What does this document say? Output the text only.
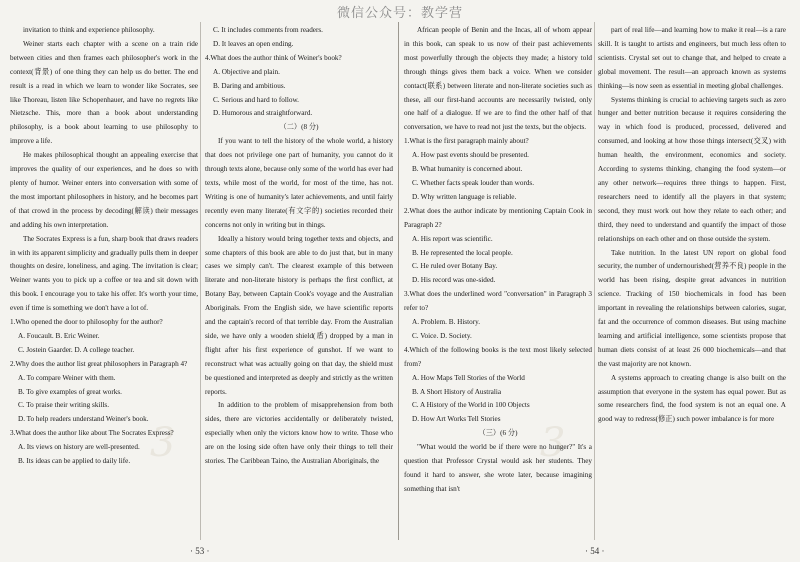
微信公众号：教学营
3	3

invitation to think and experience philosophy.

Weiner starts each chapter with a scene on a train ride between cities and then frames each philosopher's work in the context(背景) of one thing they can help us do better. The end result is a read in which we learn to wonder like Socrates, see like Thoreau, listen like Schopenhauer, and have no regrets like Nietzsche. This, more than a book about understanding philosophy, is a book about learning to use philosophy to improve a life.

He makes philosophical thought an appealing exercise that improves the quality of our experiences, and he does so with plenty of humor. Weiner enters into conversation with some of the most important philosophers in history, and he becomes part of that crowd in the process by decoding(解读) their messages and adding his own interpretation.

The Socrates Express is a fun, sharp book that draws readers in with its apparent simplicity and gradually pulls them in deeper thoughts on desire, loneliness, and aging. The invitation is clear; Weiner wants you to pick up a coffee or tea and sit down with this book. I encourage you to take his offer. It's worth your time, even if time is something we don't have a lot of.

1.Who opened the door to philosophy for the author?

A. Foucault. B. Eric Weiner.

C. Jostein Gaarder. D. A college teacher.

2.Why does the author list great philosophers in Paragraph 4?

A. To compare Weiner with them.

B. To give examples of great works.

C. To praise their writing skills.

D. To help readers understand Weiner's book.

3.What does the author like about The Socrates Express?

A. Its views on history are well-presented.

B. Its ideas can be applied to daily life.

C. It includes comments from readers.

D. It leaves an open ending.

4.What does the author think of Weiner's book?

A. Objective and plain.

B. Daring and ambitious.

C. Serious and hard to follow.

D. Humorous and straightforward.

（二）(8 分)

If you want to tell the history of the whole world, a history that does not privilege one part of humanity, you cannot do it through texts alone, because only some of the world has ever had texts, while most of the world, for most of the time, has not. Writing is one of humanity's later achievements, and until fairly recently even many literate(有文字的) societies recorded their concerns not only in writing but in things.

Ideally a history would bring together texts and objects, and some chapters of this book are able to do just that, but in many cases we simply can't. The clearest example of this between literate and non-literate history is perhaps the first conflict, at Botany Bay, between Captain Cook's voyage and the Australian Aboriginals. From the English side, we have scientific reports and the captain's record of that terrible day. From the Australian side, we have only a wooden shield(盾) dropped by a man in flight after his first experience of gunshot. If we want to reconstruct what was actually going on that day, the shield must be questioned and interpreted as deeply and strictly as the written reports.

In addition to the problem of misapprehension from both sides, there are victories accidentally or deliberately twisted, especially when only the victors know how to write. Those who are on the losing side often have only their things to tell their stories. The Caribbean Taino, the Australian Aboriginals, the

African people of Benin and the Incas, all of whom appear in this book, can speak to us now of their past achievements most powerfully through the objects they made; a history told through things gives them back a voice. When we consider contact(联系) between literate and non-literate societies such as these, all our first-hand accounts are necessarily twisted, only one half of a dialogue. If we are to find the other half of that conversation, we have to read not just the texts, but the objects.

1.What is the first paragraph mainly about?

A. How past events should be presented.

B. What humanity is concerned about.

C. Whether facts speak louder than words.

D. Why written language is reliable.

2.What does the author indicate by mentioning Captain Cook in Paragraph 2?

A. His report was scientific.

B. He represented the local people.

C. He ruled over Botany Bay.

D. His record was one-sided.

3.What does the underlined word "conversation" in Paragraph 3 refer to?

A. Problem. B. History.

C. Voice. D. Society.

4.Which of the following books is the text most likely selected from?

A. How Maps Tell Stories of the World

B. A Short History of Australia

C. A History of the World in 100 Objects

D. How Art Works Tell Stories

（三）(6 分)

"What would the world be if there were no hunger?" It's a question that Professor Crystal would ask her students. They found it hard to answer, she wrote later, because imagining something that isn't

part of real life—and learning how to make it real—is a rare skill. It is taught to artists and engineers, but much less often to scientists. Crystal set out to change that, and helped to create a global movement. The result—an approach known as systems thinking—is now seen as essential in meeting global challenges.

Systems thinking is crucial to achieving targets such as zero hunger and better nutrition because it requires considering the way in which food is produced, processed, delivered and consumed, and looking at how those things intersect(交叉) with human health, the environment, economics and society. According to systems thinking, changing the food system—or any other network—requires three things to happen. First, researchers need to identify all the players in that system; second, they must work out how they relate to each other; and third, they need to understand and quantify the impact of those relationships on each other and on those outside the system.

Take nutrition. In the latest UN report on global food security, the number of undernourished(营养不良) people in the world has been rising, despite great advances in nutrition science. Tracking of 150 biochemicals in food has been important in revealing the relationships between calories, sugar, fat and the occurrence of common diseases. But using machine learning and artificial intelligence, some scientists propose that human diets consist of at least 26 000 biochemicals—and that the vast majority are not known.

A systems approach to creating change is also built on the assumption that everyone in the system has equal power. But as some researchers find, the food system is not an equal one. A good way to redress(修正) such power imbalance is for more

· 53 ·	· 54 ·
